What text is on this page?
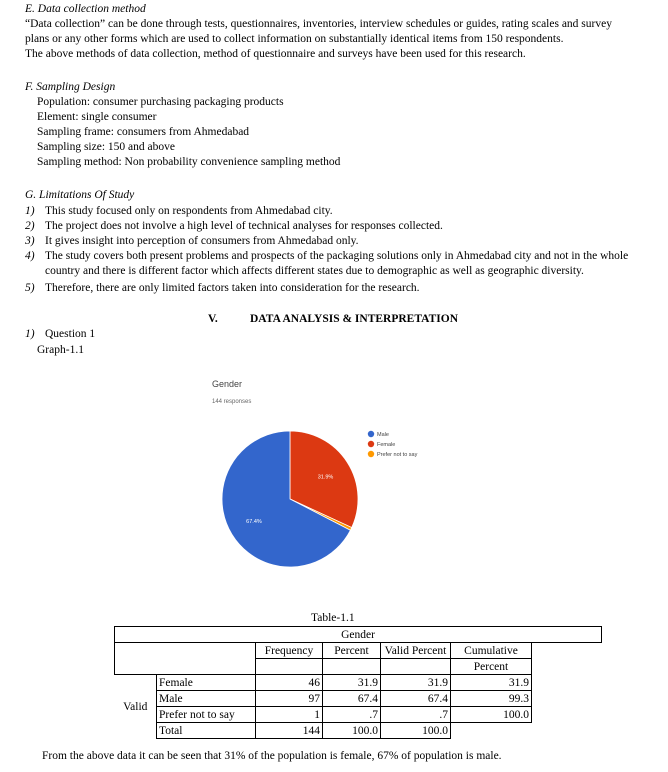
E. Data collection method
“Data collection” can be done through tests, questionnaires, inventories, interview schedules or guides, rating scales and survey
plans or any other forms which are used to collect information on substantially identical items from 150 respondents.
The above methods of data collection, method of questionnaire and surveys have been used for this research.
F. Sampling Design
Population: consumer purchasing packaging products
Element: single consumer
Sampling frame: consumers from Ahmedabad
Sampling size: 150 and above
Sampling method: Non probability convenience sampling method
G. Limitations Of Study
1) This study focused only on respondents from Ahmedabad city.
2) The project does not involve a high level of technical analyses for responses collected.
3) It gives insight into perception of consumers from Ahmedabad only.
4) The study covers both present problems and prospects of the packaging solutions only in Ahmedabad city and not in the whole
country and there is different factor which affects different states due to demographic as well as geographic diversity.
5) Therefore, there are only limited factors taken into consideration for the research.
V.	DATA ANALYSIS & INTERPRETATION
1) Question 1
Graph-1.1
Gender
144 responses
31.9%
67.4%
Male
Female
Prefer not to say
Table-1.1
Gender					
		Frequency	Percent	Valid Percent	Cumulative
					Percent
Valid	Female	46	31.9	31.9	31.9
	Male	97	67.4	67.4	99.3
	Prefer not to say	1	.7	.7	100.0
	Total	144	100.0	100.0	
From the above data it can be seen that 31% of the population is female, 67% of population is male.
